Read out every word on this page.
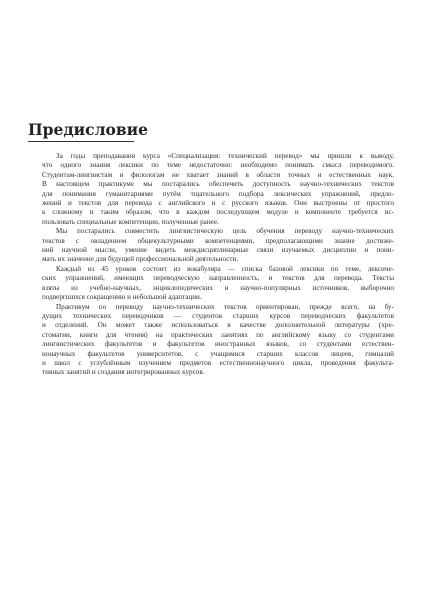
Предисловие
За годы преподавания курса «Специализация: технический перевод» мы пришли к выводу,
что одного знания лексики по теме недостаточно: необходимо понимать смысл переводимого.
Студентам-лингвистам и филологам не хватает знаний в области точных и естественных наук.
В настоящем практикуме мы постарались обеспечить доступность научно-технических текстов
для понимания гуманитариями путём тщательного подбора лексических упражнений, предло-
жений и текстов для перевода с английского и с русского языков. Они выстроены от простого
к сложному и таким образом, что в каждом последующем модуле и компоненте требуется ис-
пользовать специальные компетенции, полученные ранее.
Мы постарались совместить лингвистическую цель обучения переводу научно-технических
текстов с овладением общекультурными компетенциями, предполагающими знание достиже-
ний научной мысли, умение видеть междисциплинарные связи изучаемых дисциплин и пони-
мать их значение для будущей профессиональной деятельности.
Каждый из 45 уроков состоит из вокабуляра — списка базовой лексики по теме, лексиче-
ских упражнений, имеющих переводческую направленность, и текстов для перевода. Тексты
взяты из учебно-научных, энциклопедических и научно-популярных источников, выборочно
подвергшихся сокращению и небольшой адаптации.
Практикум по переводу научно-технических текстов ориентирован, прежде всего, на бу-
дущих технических переводчиков — студентов старших курсов переводческих факультетов
и отделений. Он может также использоваться в качестве дополнительной литературы (хре-
стоматии, книги для чтения) на практических занятиях по английскому языку со студентами
лингвистических факультетов и факультетов иностранных языков, со студентами естествен-
нонаучных факультетов университетов, с учащимися старших классов лицеев, гимназий
и школ с углублённым изучением предметов естественнонаучного цикла, проведения факульта-
тивных занятий и создания интегрированных курсов.
